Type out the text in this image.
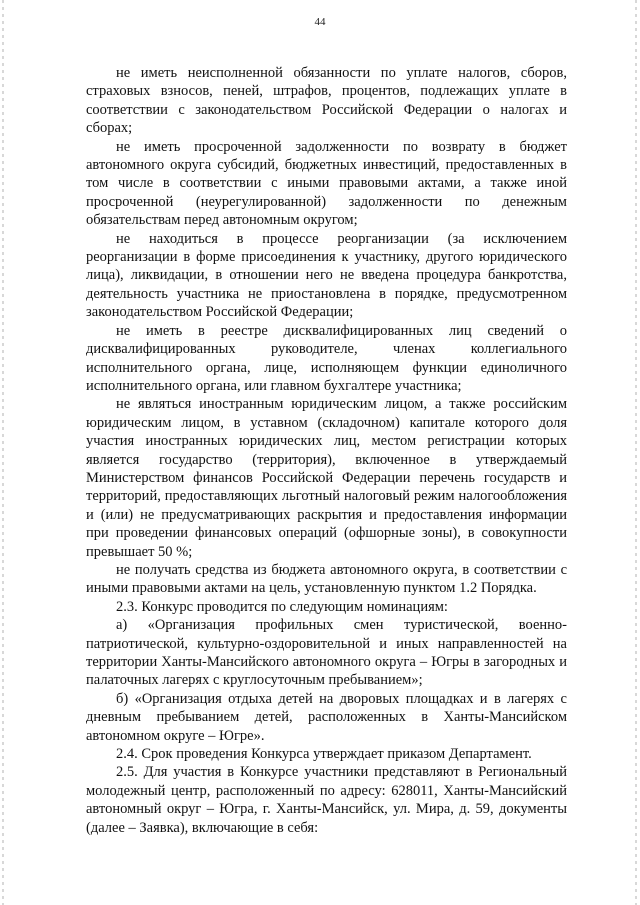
44

не иметь неисполненной обязанности по уплате налогов, сборов, страховых взносов, пеней, штрафов, процентов, подлежащих уплате в соответствии с законодательством Российской Федерации о налогах и сборах;

не иметь просроченной задолженности по возврату в бюджет автономного округа субсидий, бюджетных инвестиций, предоставленных в том числе в соответствии с иными правовыми актами, а также иной просроченной (неурегулированной) задолженности по денежным обязательствам перед автономным округом;

не находиться в процессе реорганизации (за исключением реорганизации в форме присоединения к участнику, другого юридического лица), ликвидации, в отношении него не введена процедура банкротства, деятельность участника не приостановлена в порядке, предусмотренном законодательством Российской Федерации;

не иметь в реестре дисквалифицированных лиц сведений о дисквалифицированных руководителе, членах коллегиального исполнительного органа, лице, исполняющем функции единоличного исполнительного органа, или главном бухгалтере участника;

не являться иностранным юридическим лицом, а также российским юридическим лицом, в уставном (складочном) капитале которого доля участия иностранных юридических лиц, местом регистрации которых является государство (территория), включенное в утверждаемый Министерством финансов Российской Федерации перечень государств и территорий, предоставляющих льготный налоговый режим налогообложения и (или) не предусматривающих раскрытия и предоставления информации при проведении финансовых операций (офшорные зоны), в совокупности превышает 50 %;

не получать средства из бюджета автономного округа, в соответствии с иными правовыми актами на цель, установленную пунктом 1.2 Порядка.

2.3. Конкурс проводится по следующим номинациям:

а) «Организация профильных смен туристической, военно-патриотической, культурно-оздоровительной и иных направленностей на территории Ханты-Мансийского автономного округа – Югры в загородных и палаточных лагерях с круглосуточным пребыванием»;

б) «Организация отдыха детей на дворовых площадках и в лагерях с дневным пребыванием детей, расположенных в Ханты-Мансийском автономном округе – Югре».

2.4. Срок проведения Конкурса утверждает приказом Департамент.

2.5. Для участия в Конкурсе участники представляют в Региональный молодежный центр, расположенный по адресу: 628011, Ханты-Мансийский автономный округ – Югра, г. Ханты-Мансийск, ул. Мира, д. 59, документы (далее – Заявка), включающие в себя:
